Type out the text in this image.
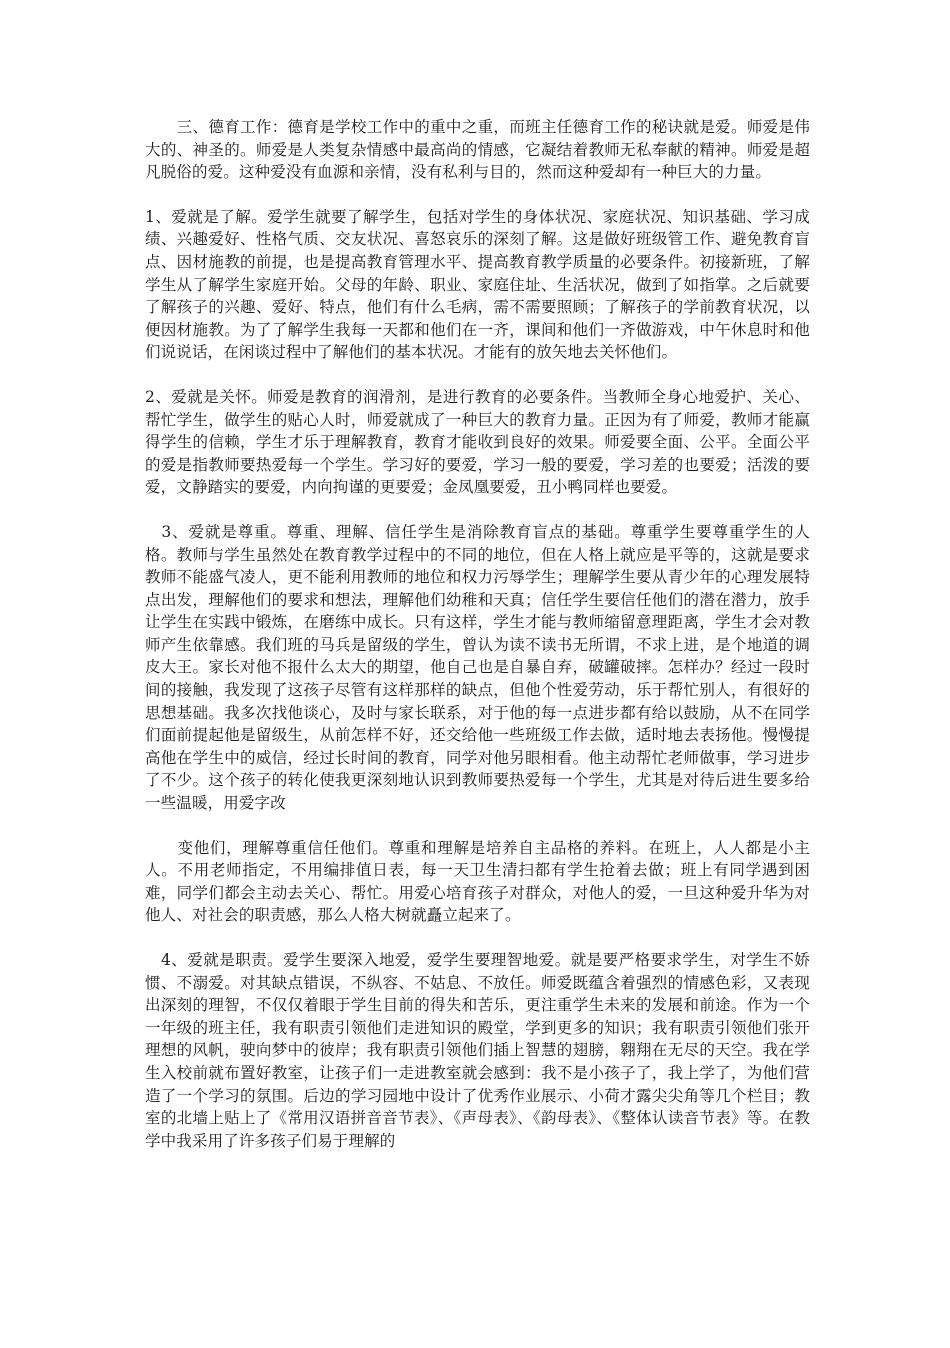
　　三、德育工作：德育是学校工作中的重中之重，而班主任德育工作的秘诀就是爱。师爱是伟大的、神圣的。师爱是人类复杂情感中最高尚的情感，它凝结着教师无私奉献的精神。师爱是超凡脱俗的爱。这种爱没有血源和亲情，没有私利与目的，然而这种爱却有一种巨大的力量。

1、爱就是了解。爱学生就要了解学生，包括对学生的身体状况、家庭状况、知识基础、学习成绩、兴趣爱好、性格气质、交友状况、喜怒哀乐的深刻了解。这是做好班级管工作、避免教育盲点、因材施教的前提，也是提高教育管理水平、提高教育教学质量的必要条件。初接新班，了解学生从了解学生家庭开始。父母的年龄、职业、家庭住址、生活状况，做到了如指掌。之后就要了解孩子的兴趣、爱好、特点，他们有什么毛病，需不需要照顾；了解孩子的学前教育状况，以便因材施教。为了了解学生我每一天都和他们在一齐，课间和他们一齐做游戏，中午休息时和他们说说话，在闲谈过程中了解他们的基本状况。才能有的放矢地去关怀他们。

2、爱就是关怀。师爱是教育的润滑剂，是进行教育的必要条件。当教师全身心地爱护、关心、帮忙学生，做学生的贴心人时，师爱就成了一种巨大的教育力量。正因为有了师爱，教师才能赢得学生的信赖，学生才乐于理解教育，教育才能收到良好的效果。师爱要全面、公平。全面公平的爱是指教师要热爱每一个学生。学习好的要爱，学习一般的要爱，学习差的也要爱；活泼的要爱，文静踏实的要爱，内向拘谨的更要爱；金凤凰要爱，丑小鸭同样也要爱。

　3、爱就是尊重。尊重、理解、信任学生是消除教育盲点的基础。尊重学生要尊重学生的人格。教师与学生虽然处在教育教学过程中的不同的地位，但在人格上就应是平等的，这就是要求教师不能盛气凌人，更不能利用教师的地位和权力污辱学生；理解学生要从青少年的心理发展特点出发，理解他们的要求和想法，理解他们幼稚和天真；信任学生要信任他们的潜在潜力，放手让学生在实践中锻炼，在磨练中成长。只有这样，学生才能与教师缩留意理距离，学生才会对教师产生依靠感。我们班的马兵是留级的学生，曾认为读不读书无所谓，不求上进，是个地道的调皮大王。家长对他不报什么太大的期望，他自己也是自暴自弃，破罐破摔。怎样办？经过一段时间的接触，我发现了这孩子尽管有这样那样的缺点，但他个性爱劳动，乐于帮忙别人，有很好的思想基础。我多次找他谈心，及时与家长联系，对于他的每一点进步都有给以鼓励，从不在同学们面前提起他是留级生，从前怎样不好，还交给他一些班级工作去做，适时地去表扬他。慢慢提高他在学生中的威信，经过长时间的教育，同学对他另眼相看。他主动帮忙老师做事，学习进步了不少。这个孩子的转化使我更深刻地认识到教师要热爱每一个学生，尤其是对待后进生要多给一些温暖，用爱字改

　　变他们，理解尊重信任他们。尊重和理解是培养自主品格的养料。在班上，人人都是小主人。不用老师指定，不用编排值日表，每一天卫生清扫都有学生抢着去做；班上有同学遇到困难，同学们都会主动去关心、帮忙。用爱心培育孩子对群众，对他人的爱，一旦这种爱升华为对他人、对社会的职责感，那么人格大树就矗立起来了。

　4、爱就是职责。爱学生要深入地爱，爱学生要理智地爱。就是要严格要求学生，对学生不娇惯、不溺爱。对其缺点错误，不纵容、不姑息、不放任。师爱既蕴含着强烈的情感色彩，又表现出深刻的理智，不仅仅着眼于学生目前的得失和苦乐，更注重学生未来的发展和前途。作为一个一年级的班主任，我有职责引领他们走进知识的殿堂，学到更多的知识；我有职责引领他们张开理想的风帆，驶向梦中的彼岸；我有职责引领他们插上智慧的翅膀，翱翔在无尽的天空。我在学生入校前就布置好教室，让孩子们一走进教室就会感到：我不是小孩子了，我上学了，为他们营造了一个学习的氛围。后边的学习园地中设计了优秀作业展示、小荷才露尖尖角等几个栏目；教室的北墙上贴上了《常用汉语拼音音节表》、《声母表》、《韵母表》、《整体认读音节表》等。在教学中我采用了许多孩子们易于理解的
